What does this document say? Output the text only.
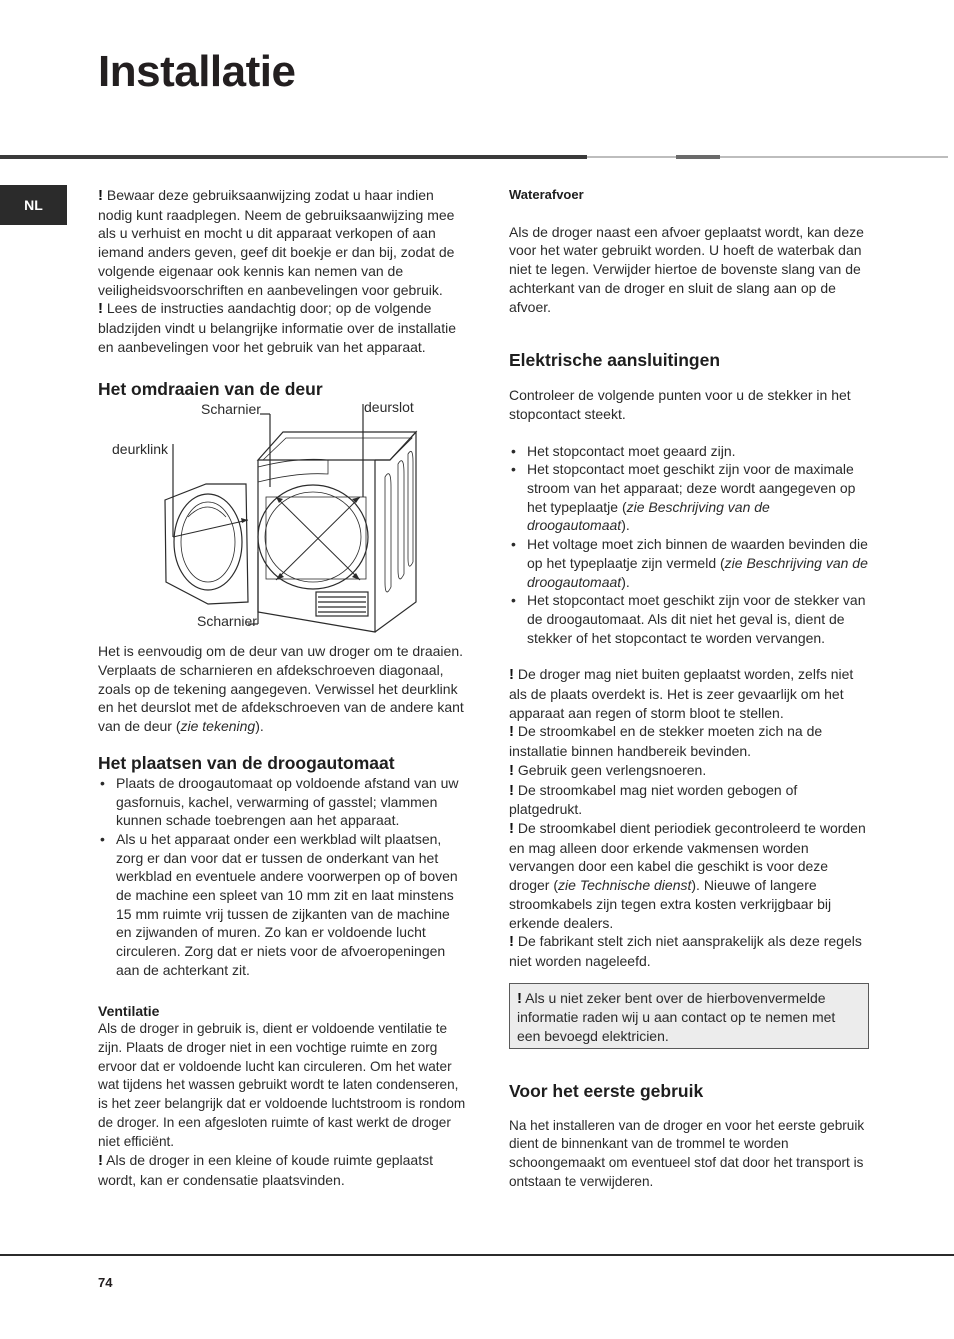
Installatie
NL

! Bewaar deze gebruiksaanwijzing zodat u haar indien nodig kunt raadplegen. Neem de gebruiksaanwijzing mee als u verhuist en mocht u dit apparaat verkopen of aan iemand anders geven, geef dit boekje er dan bij, zodat de volgende eigenaar ook kennis kan nemen van de veiligheidsvoorschriften en aanbevelingen voor gebruik.

! Lees de instructies aandachtig door; op de volgende bladzijden vindt u belangrijke informatie over de installatie en aanbevelingen voor het gebruik van het apparaat.

Het omdraaien van de deur
Scharnier	deurslot
deurklink
Scharnier

Het is eenvoudig om de deur van uw droger om te draaien. Verplaats de scharnieren en afdekschroeven diagonaal, zoals op de tekening aangegeven. Verwissel het deurklink en het deurslot met de afdekschroeven van de andere kant van de deur (zie tekening).

Het plaatsen van de droogautomaat
• Plaats de droogautomaat op voldoende afstand van uw gasfornuis, kachel, verwarming of gasstel; vlammen kunnen schade toebrengen aan het apparaat.
• Als u het apparaat onder een werkblad wilt plaatsen, zorg er dan voor dat er tussen de onderkant van het werkblad en eventuele andere voorwerpen op of boven de machine een spleet van 10 mm zit en laat minstens 15 mm ruimte vrij tussen de zijkanten van de machine en zijwanden of muren. Zo kan er voldoende lucht circuleren. Zorg dat er niets voor de afvoeropeningen aan de achterkant zit.
Ventilatie

Als de droger in gebruik is, dient er voldoende ventilatie te zijn. Plaats de droger niet in een vochtige ruimte en zorg ervoor dat er voldoende lucht kan circuleren. Om het water wat tijdens het wassen gebruikt wordt te laten condenseren, is het zeer belangrijk dat er voldoende luchtstroom is rondom de droger. In een afgesloten ruimte of kast werkt de droger niet efficiënt.

! Als de droger in een kleine of koude ruimte geplaatst wordt, kan er condensatie plaatsvinden.

Waterafvoer

Als de droger naast een afvoer geplaatst wordt, kan deze voor het water gebruikt worden. U hoeft de waterbak dan niet te legen. Verwijder hiertoe de bovenste slang van de achterkant van de droger en sluit de slang aan op de afvoer.

Elektrische aansluitingen

Controleer de volgende punten voor u de stekker in het stopcontact steekt.

• Het stopcontact moet geaard zijn.
• Het stopcontact moet geschikt zijn voor de maximale stroom van het apparaat; deze wordt aangegeven op het typeplaatje (zie Beschrijving van de droogautomaat).
• Het voltage moet zich binnen de waarden bevinden die op het typeplaatje zijn vermeld (zie Beschrijving van de droogautomaat).
• Het stopcontact moet geschikt zijn voor de stekker van de droogautomaat. Als dit niet het geval is, dient de stekker of het stopcontact te worden vervangen.

! De droger mag niet buiten geplaatst worden, zelfs niet als de plaats overdekt is. Het is zeer gevaarlijk om het apparaat aan regen of storm bloot te stellen.

! De stroomkabel en de stekker moeten zich na de installatie binnen handbereik bevinden.

! Gebruik geen verlengsnoeren.

! De stroomkabel mag niet worden gebogen of platgedrukt.

! De stroomkabel dient periodiek gecontroleerd te worden en mag alleen door erkende vakmensen worden vervangen door een kabel die geschikt is voor deze droger (zie Technische dienst). Nieuwe of langere stroomkabels zijn tegen extra kosten verkrijgbaar bij erkende dealers.

! De fabrikant stelt zich niet aansprakelijk als deze regels niet worden nageleefd.

! Als u niet zeker bent over de hierbovenvermelde informatie raden wij u aan contact op te nemen met een bevoegd elektricien.

Voor het eerste gebruik

Na het installeren van de droger en voor het eerste gebruik dient de binnenkant van de trommel te worden schoongemaakt om eventueel stof dat door het transport is ontstaan te verwijderen.

74
